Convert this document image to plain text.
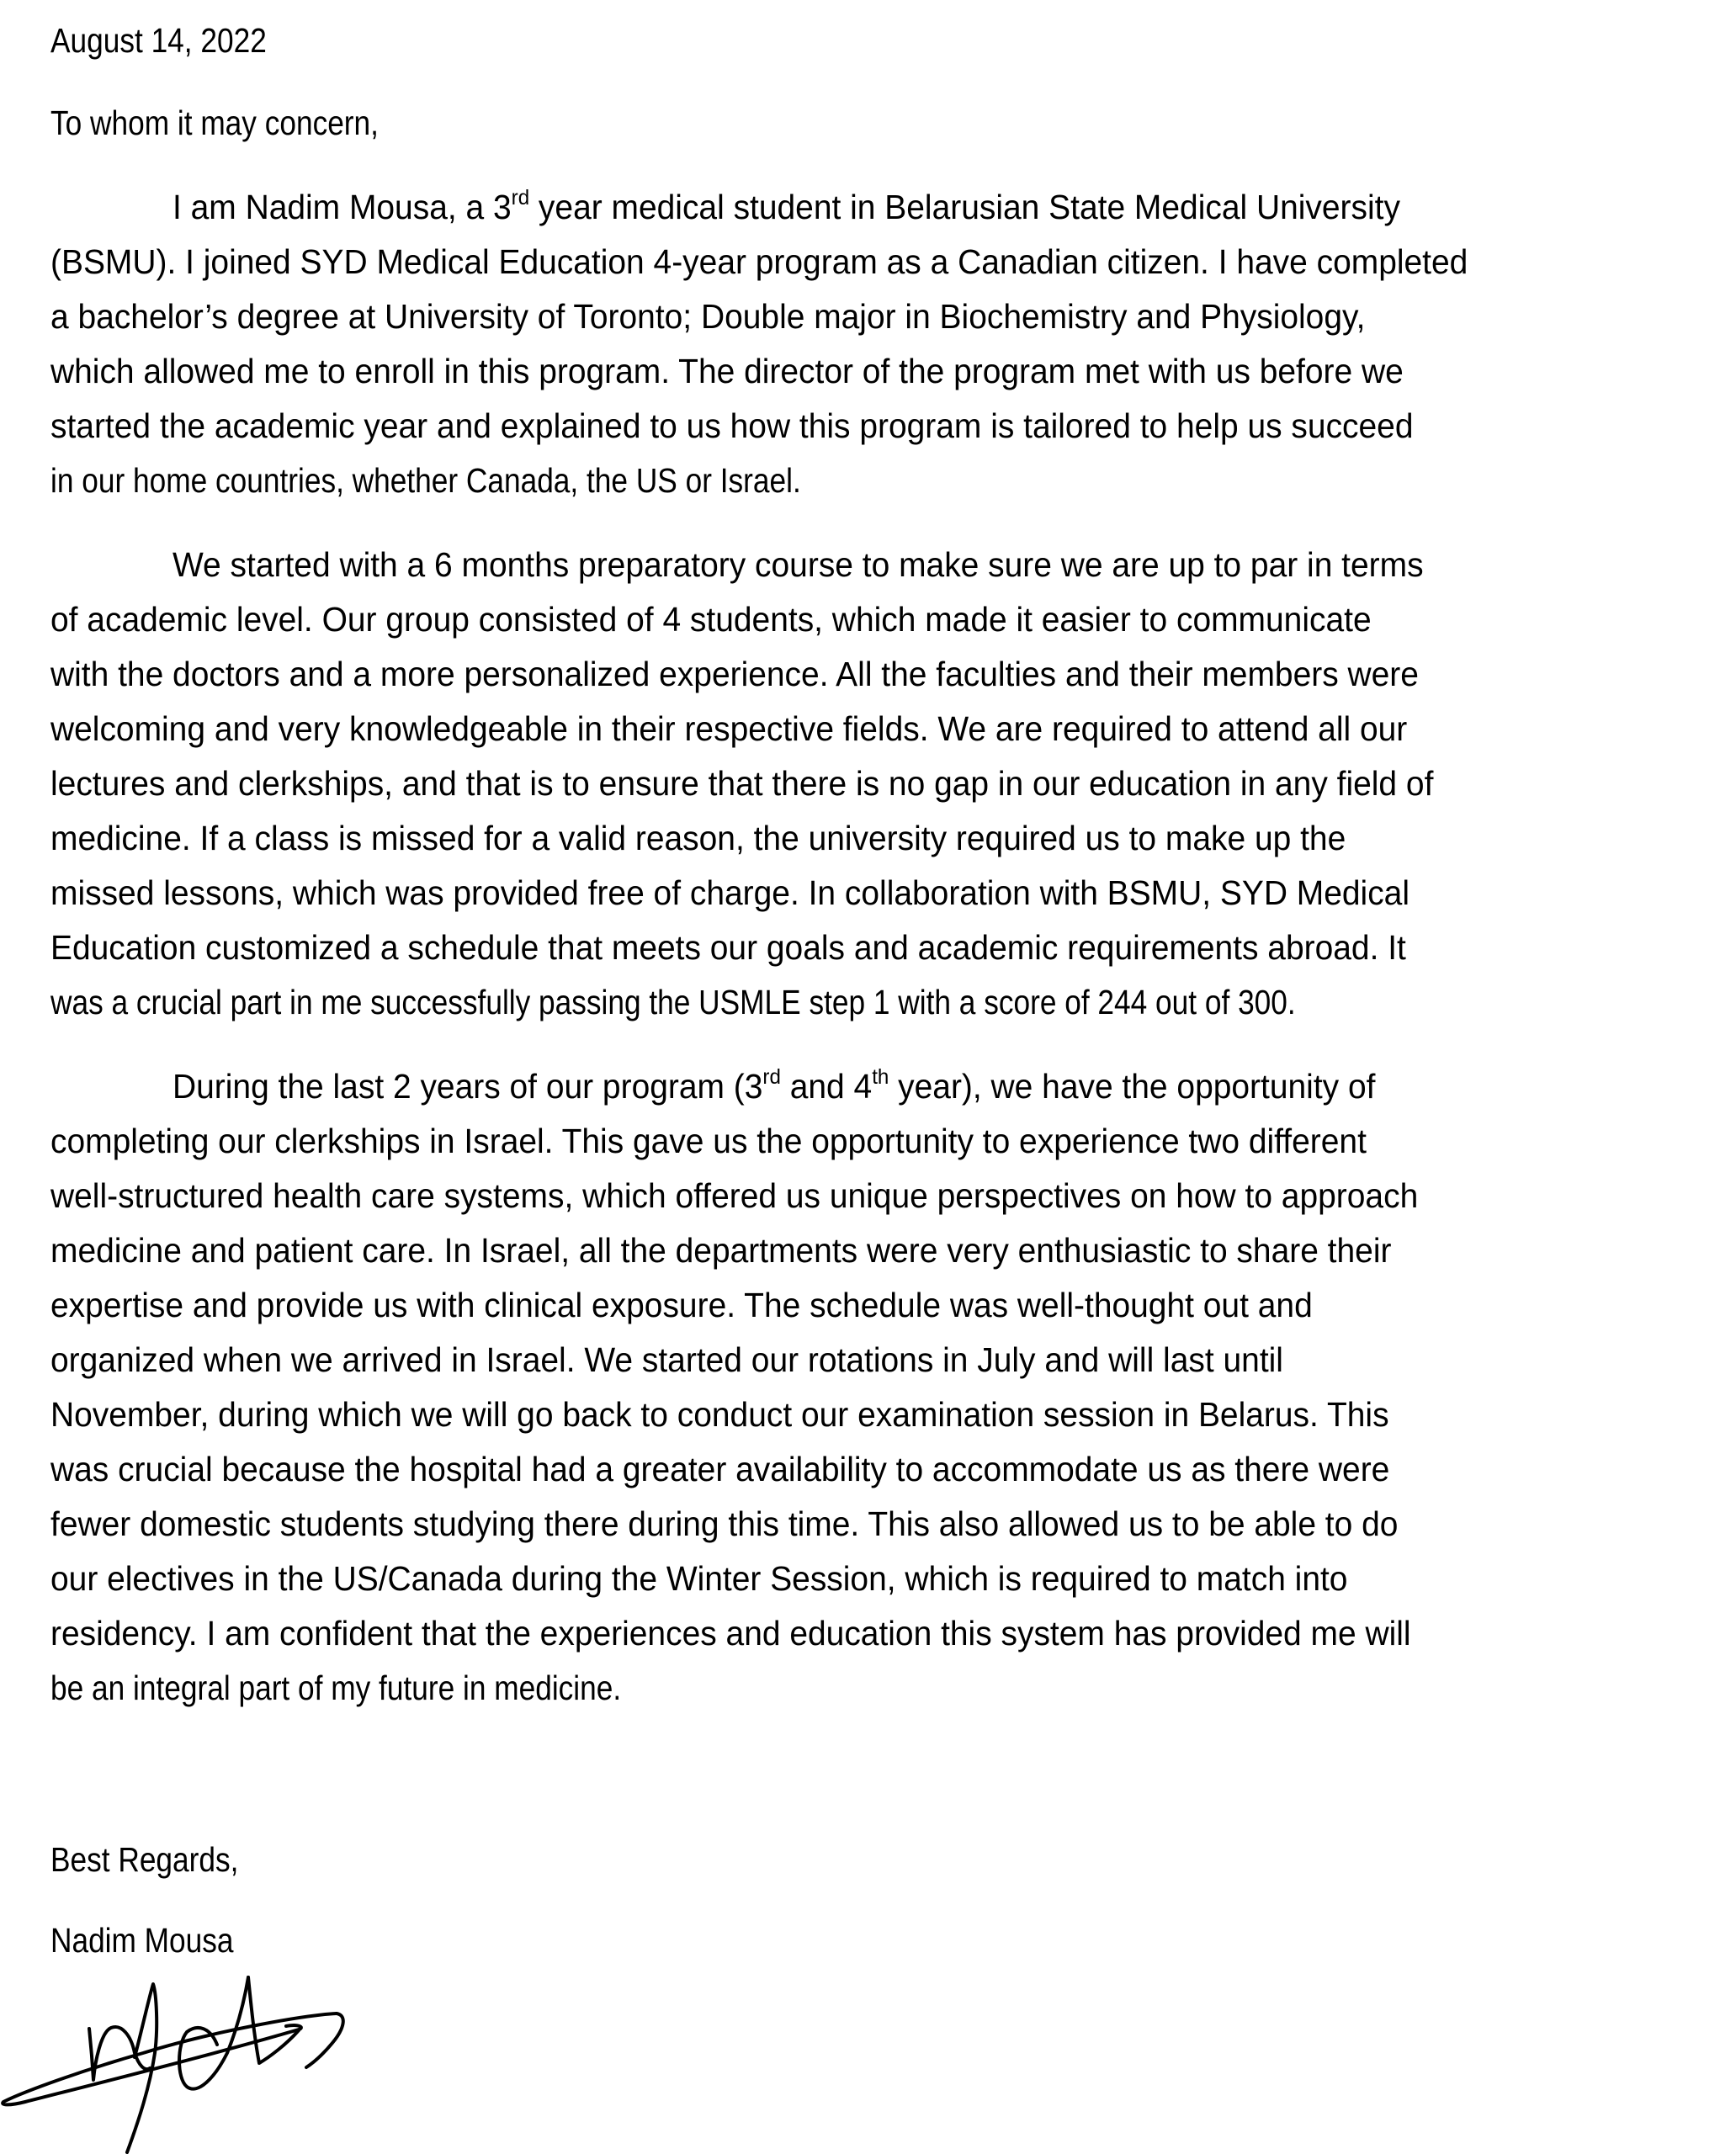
August 14, 2022
To whom it may concern,
I am Nadim Mousa, a 3rd year medical student in Belarusian State Medical University
(BSMU). I joined SYD Medical Education 4-year program as a Canadian citizen. I have completed
a bachelor’s degree at University of Toronto; Double major in Biochemistry and Physiology,
which allowed me to enroll in this program. The director of the program met with us before we
started the academic year and explained to us how this program is tailored to help us succeed
in our home countries, whether Canada, the US or Israel.
We started with a 6 months preparatory course to make sure we are up to par in terms
of academic level. Our group consisted of 4 students, which made it easier to communicate
with the doctors and a more personalized experience. All the faculties and their members were
welcoming and very knowledgeable in their respective fields. We are required to attend all our
lectures and clerkships, and that is to ensure that there is no gap in our education in any field of
medicine. If a class is missed for a valid reason, the university required us to make up the
missed lessons, which was provided free of charge. In collaboration with BSMU, SYD Medical
Education customized a schedule that meets our goals and academic requirements abroad. It
was a crucial part in me successfully passing the USMLE step 1 with a score of 244 out of 300.
During the last 2 years of our program (3rd and 4th year), we have the opportunity of
completing our clerkships in Israel. This gave us the opportunity to experience two different
well-structured health care systems, which offered us unique perspectives on how to approach
medicine and patient care. In Israel, all the departments were very enthusiastic to share their
expertise and provide us with clinical exposure. The schedule was well-thought out and
organized when we arrived in Israel. We started our rotations in July and will last until
November, during which we will go back to conduct our examination session in Belarus. This
was crucial because the hospital had a greater availability to accommodate us as there were
fewer domestic students studying there during this time. This also allowed us to be able to do
our electives in the US/Canada during the Winter Session, which is required to match into
residency. I am confident that the experiences and education this system has provided me will
be an integral part of my future in medicine.
Best Regards,
Nadim Mousa
